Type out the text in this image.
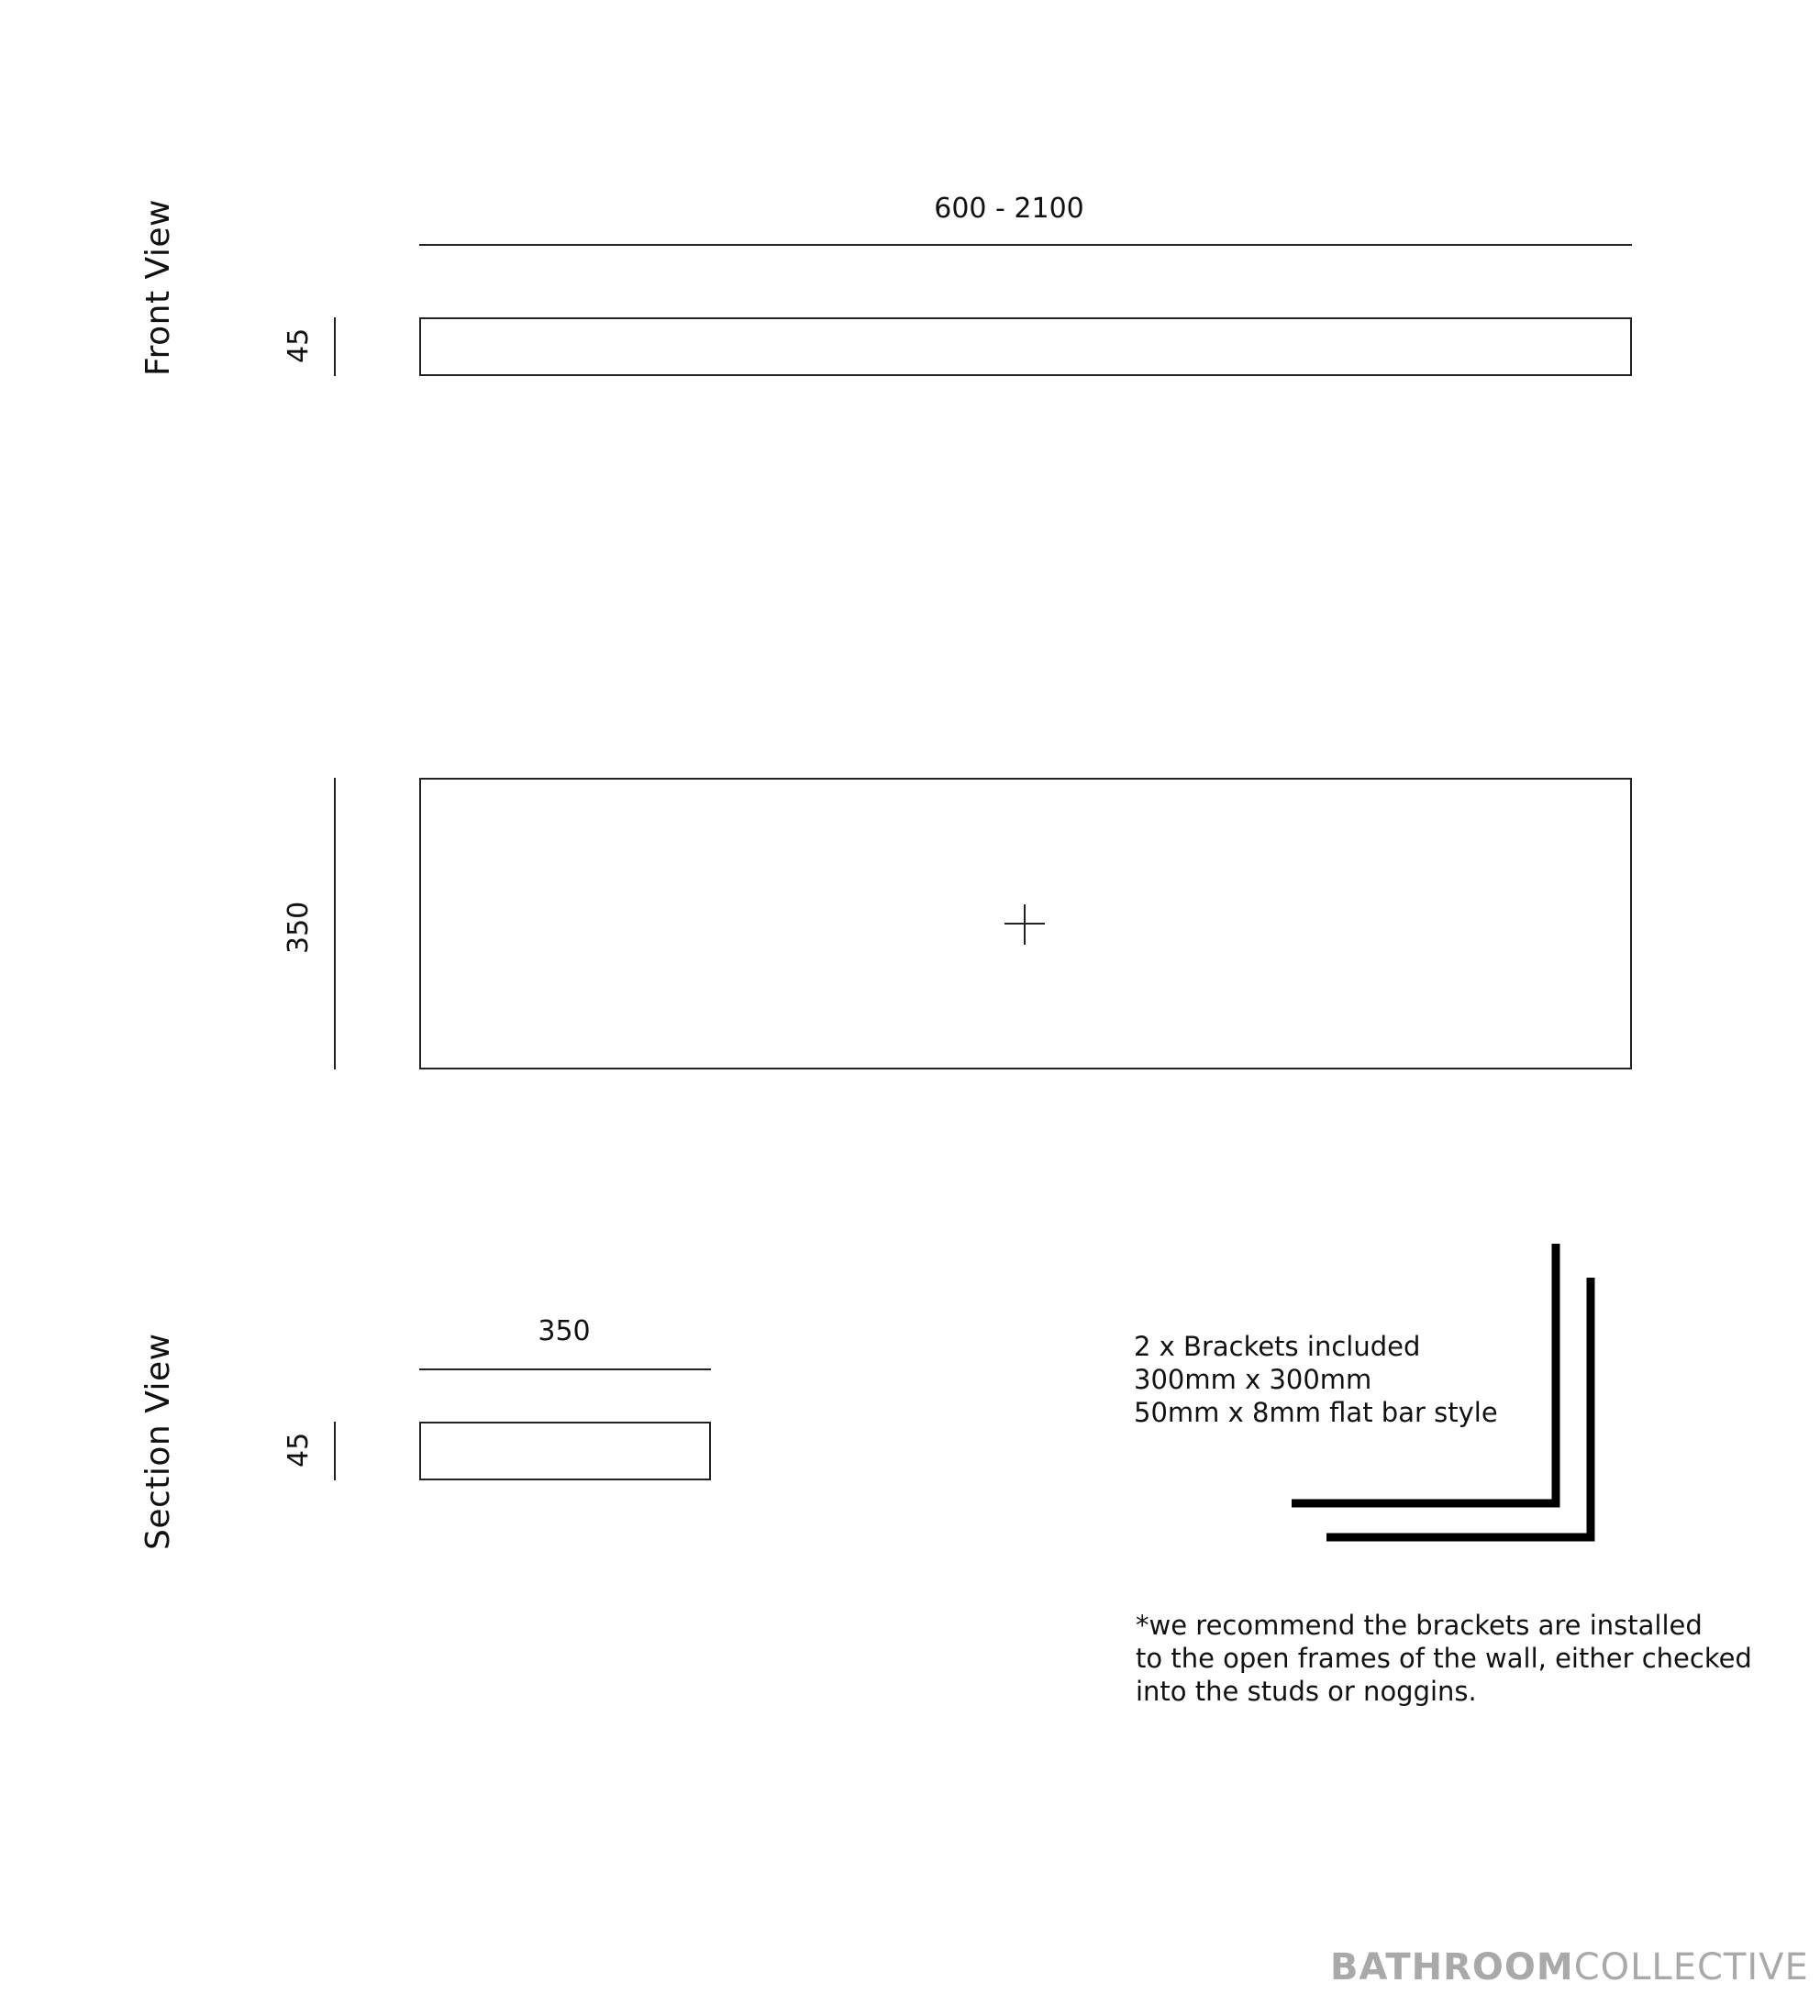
Front View	600 - 2100
45
350
Section View
350
45
2 x Brackets included
300mm x 300mm
50mm x 8mm flat bar style
*we recommend the brackets are installed
to the open frames of the wall, either checked
into the studs or noggins.
BATHROOMCOLLECTIVE
